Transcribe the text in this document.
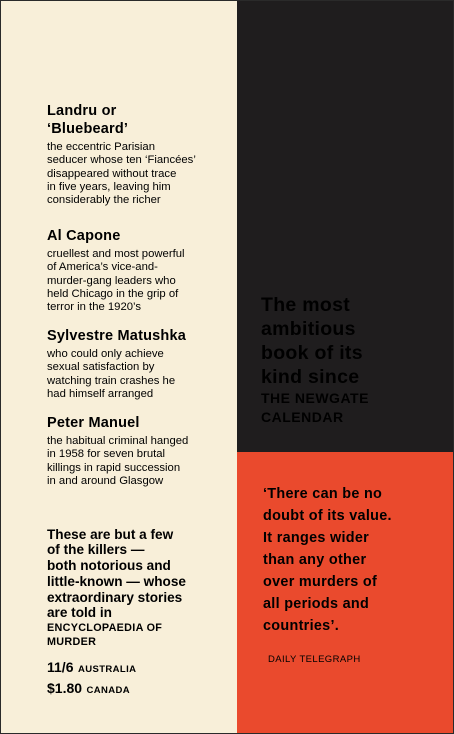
Landru or
‘Bluebeard’

the eccentric Parisian
seducer whose ten ‘Fiancées’
disappeared without trace
in five years, leaving him
considerably the richer

Al Capone

cruellest and most powerful
of America’s vice-and-
murder-gang leaders who
held Chicago in the grip of
terror in the 1920’s

Sylvestre Matushka

who could only achieve
sexual satisfaction by
watching train crashes he
had himself arranged

Peter Manuel

the habitual criminal hanged
in 1958 for seven brutal
killings in rapid succession
in and around Glasgow

These are but a few
of the killers —
both notorious and
little-known — whose
extraordinary stories
are told in

ENCYCLOPAEDIA OF
MURDER

11/6 AUSTRALIA
$1.80 CANADA

The most
ambitious
book of its
kind since

THE NEWGATE
CALENDAR

‘There can be no
doubt of its value.
It ranges wider
than any other
over murders of
all periods and
countries’.
DAILY TELEGRAPH
